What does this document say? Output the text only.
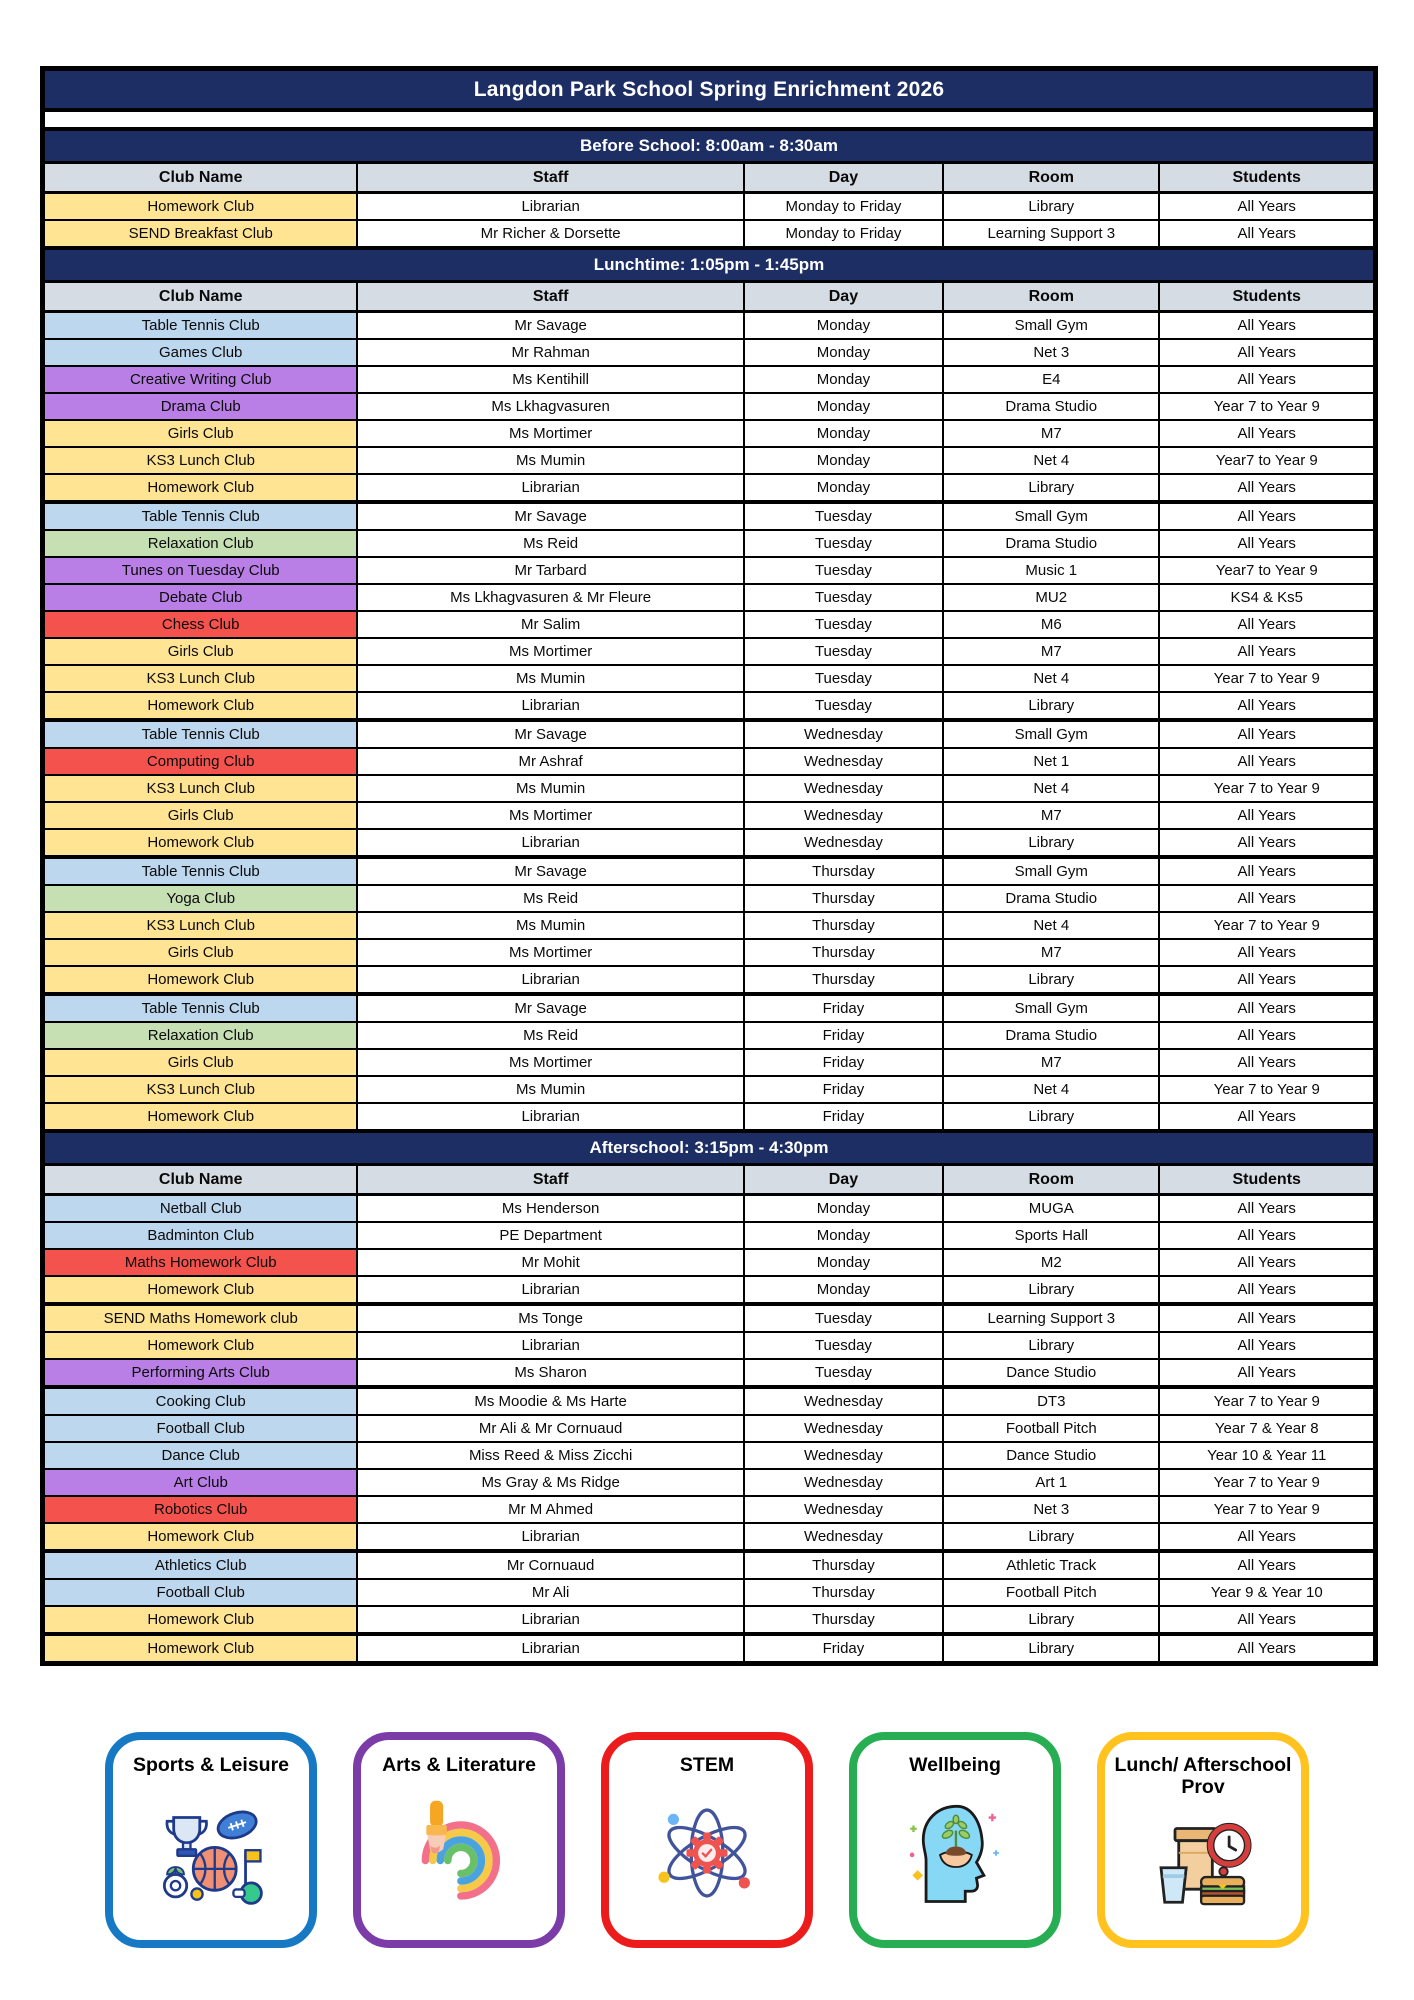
Langdon Park School Spring Enrichment 2026
Before School: 8:00am - 8:30am
Club Name	Staff	Day	Room	Students
Homework Club	Librarian	Monday to Friday	Library	All Years
SEND Breakfast Club	Mr Richer & Dorsette	Monday to Friday	Learning Support 3	All Years
Lunchtime: 1:05pm - 1:45pm
Club Name	Staff	Day	Room	Students
Table Tennis Club	Mr Savage	Monday	Small Gym	All Years
Games Club	Mr Rahman	Monday	Net 3	All Years
Creative Writing Club	Ms Kentihill	Monday	E4	All Years
Drama Club	Ms Lkhagvasuren	Monday	Drama Studio	Year 7 to Year 9
Girls Club	Ms Mortimer	Monday	M7	All Years
KS3 Lunch Club	Ms Mumin	Monday	Net 4	Year7 to Year 9
Homework Club	Librarian	Monday	Library	All Years
Table Tennis Club	Mr Savage	Tuesday	Small Gym	All Years
Relaxation Club	Ms Reid	Tuesday	Drama Studio	All Years
Tunes on Tuesday Club	Mr Tarbard	Tuesday	Music 1	Year7 to Year 9
Debate Club	Ms Lkhagvasuren & Mr Fleure	Tuesday	MU2	KS4 & Ks5
Chess Club	Mr Salim	Tuesday	M6	All Years
Girls Club	Ms Mortimer	Tuesday	M7	All Years
KS3 Lunch Club	Ms Mumin	Tuesday	Net 4	Year 7 to Year 9
Homework Club	Librarian	Tuesday	Library	All Years
Table Tennis Club	Mr Savage	Wednesday	Small Gym	All Years
Computing Club	Mr Ashraf	Wednesday	Net 1	All Years
KS3 Lunch Club	Ms Mumin	Wednesday	Net 4	Year 7 to Year 9
Girls Club	Ms Mortimer	Wednesday	M7	All Years
Homework Club	Librarian	Wednesday	Library	All Years
Table Tennis Club	Mr Savage	Thursday	Small Gym	All Years
Yoga Club	Ms Reid	Thursday	Drama Studio	All Years
KS3 Lunch Club	Ms Mumin	Thursday	Net 4	Year 7 to Year 9
Girls Club	Ms Mortimer	Thursday	M7	All Years
Homework Club	Librarian	Thursday	Library	All Years
Table Tennis Club	Mr Savage	Friday	Small Gym	All Years
Relaxation Club	Ms Reid	Friday	Drama Studio	All Years
Girls Club	Ms Mortimer	Friday	M7	All Years
KS3 Lunch Club	Ms Mumin	Friday	Net 4	Year 7 to Year 9
Homework Club	Librarian	Friday	Library	All Years
Afterschool: 3:15pm - 4:30pm
Club Name	Staff	Day	Room	Students
Netball Club	Ms Henderson	Monday	MUGA	All Years
Badminton Club	PE Department	Monday	Sports Hall	All Years
Maths Homework Club	Mr Mohit	Monday	M2	All Years
Homework Club	Librarian	Monday	Library	All Years
SEND Maths Homework club	Ms Tonge	Tuesday	Learning Support 3	All Years
Homework Club	Librarian	Tuesday	Library	All Years
Performing Arts Club	Ms Sharon	Tuesday	Dance Studio	All Years
Cooking Club	Ms Moodie & Ms Harte	Wednesday	DT3	Year 7 to Year 9
Football Club	Mr Ali & Mr Cornuaud	Wednesday	Football Pitch	Year 7 & Year 8
Dance Club	Miss Reed & Miss Zicchi	Wednesday	Dance Studio	Year 10 & Year 11
Art Club	Ms Gray & Ms Ridge	Wednesday	Art 1	Year 7 to Year 9
Robotics Club	Mr M Ahmed	Wednesday	Net 3	Year 7 to Year 9
Homework Club	Librarian	Wednesday	Library	All Years
Athletics Club	Mr Cornuaud	Thursday	Athletic Track	All Years
Football Club	Mr Ali	Thursday	Football Pitch	Year 9 & Year 10
Homework Club	Librarian	Thursday	Library	All Years
Homework Club	Librarian	Friday	Library	All Years
Sports & Leisure	Arts & Literature	STEM	Wellbeing	Lunch/ Afterschool Prov
